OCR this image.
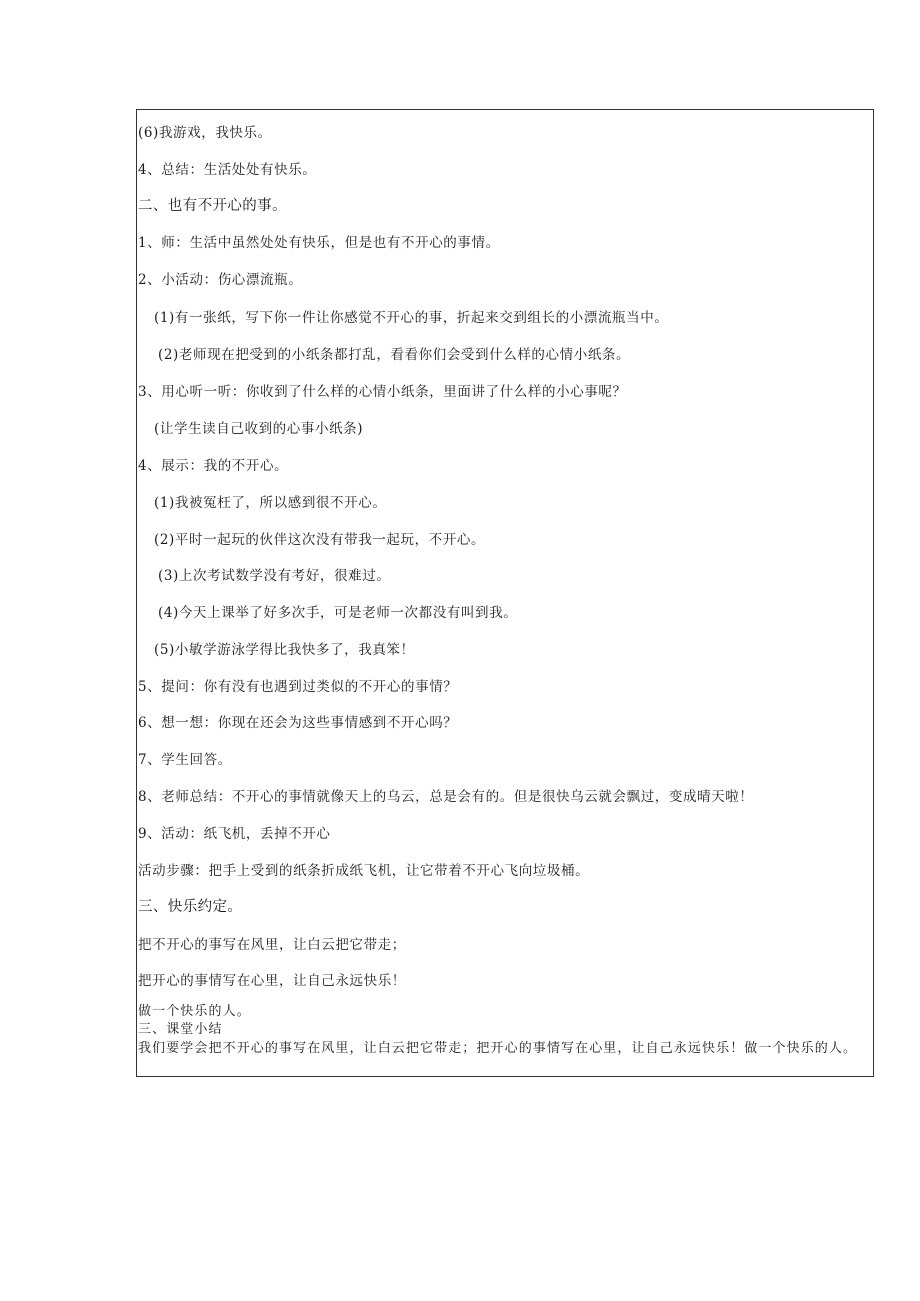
(6)我游戏，我快乐。
4、总结：生活处处有快乐。
二、也有不开心的事。
1、师：生活中虽然处处有快乐，但是也有不开心的事情。
2、小活动：伤心漂流瓶。
(1)有一张纸，写下你一件让你感觉不开心的事，折起来交到组长的小漂流瓶当中。
(2)老师现在把受到的小纸条都打乱，看看你们会受到什么样的心情小纸条。
3、用心听一听：你收到了什么样的心情小纸条，里面讲了什么样的小心事呢？
(让学生读自己收到的心事小纸条)
4、展示：我的不开心。
(1)我被冤枉了，所以感到很不开心。
(2)平时一起玩的伙伴这次没有带我一起玩，不开心。
(3)上次考试数学没有考好，很难过。
(4)今天上课举了好多次手，可是老师一次都没有叫到我。
(5)小敏学游泳学得比我快多了，我真笨！
5、提问：你有没有也遇到过类似的不开心的事情？
6、想一想：你现在还会为这些事情感到不开心吗？
7、学生回答。
8、老师总结：不开心的事情就像天上的乌云，总是会有的。但是很快乌云就会飘过，变成晴天啦！
9、活动：纸飞机，丢掉不开心
活动步骤：把手上受到的纸条折成纸飞机，让它带着不开心飞向垃圾桶。
三、快乐约定。
把不开心的事写在风里，让白云把它带走；
把开心的事情写在心里，让自己永远快乐！
做一个快乐的人。
三、课堂小结
我们要学会把不开心的事写在风里，让白云把它带走；把开心的事情写在心里，让自己永远快乐！做一个快乐的人。
